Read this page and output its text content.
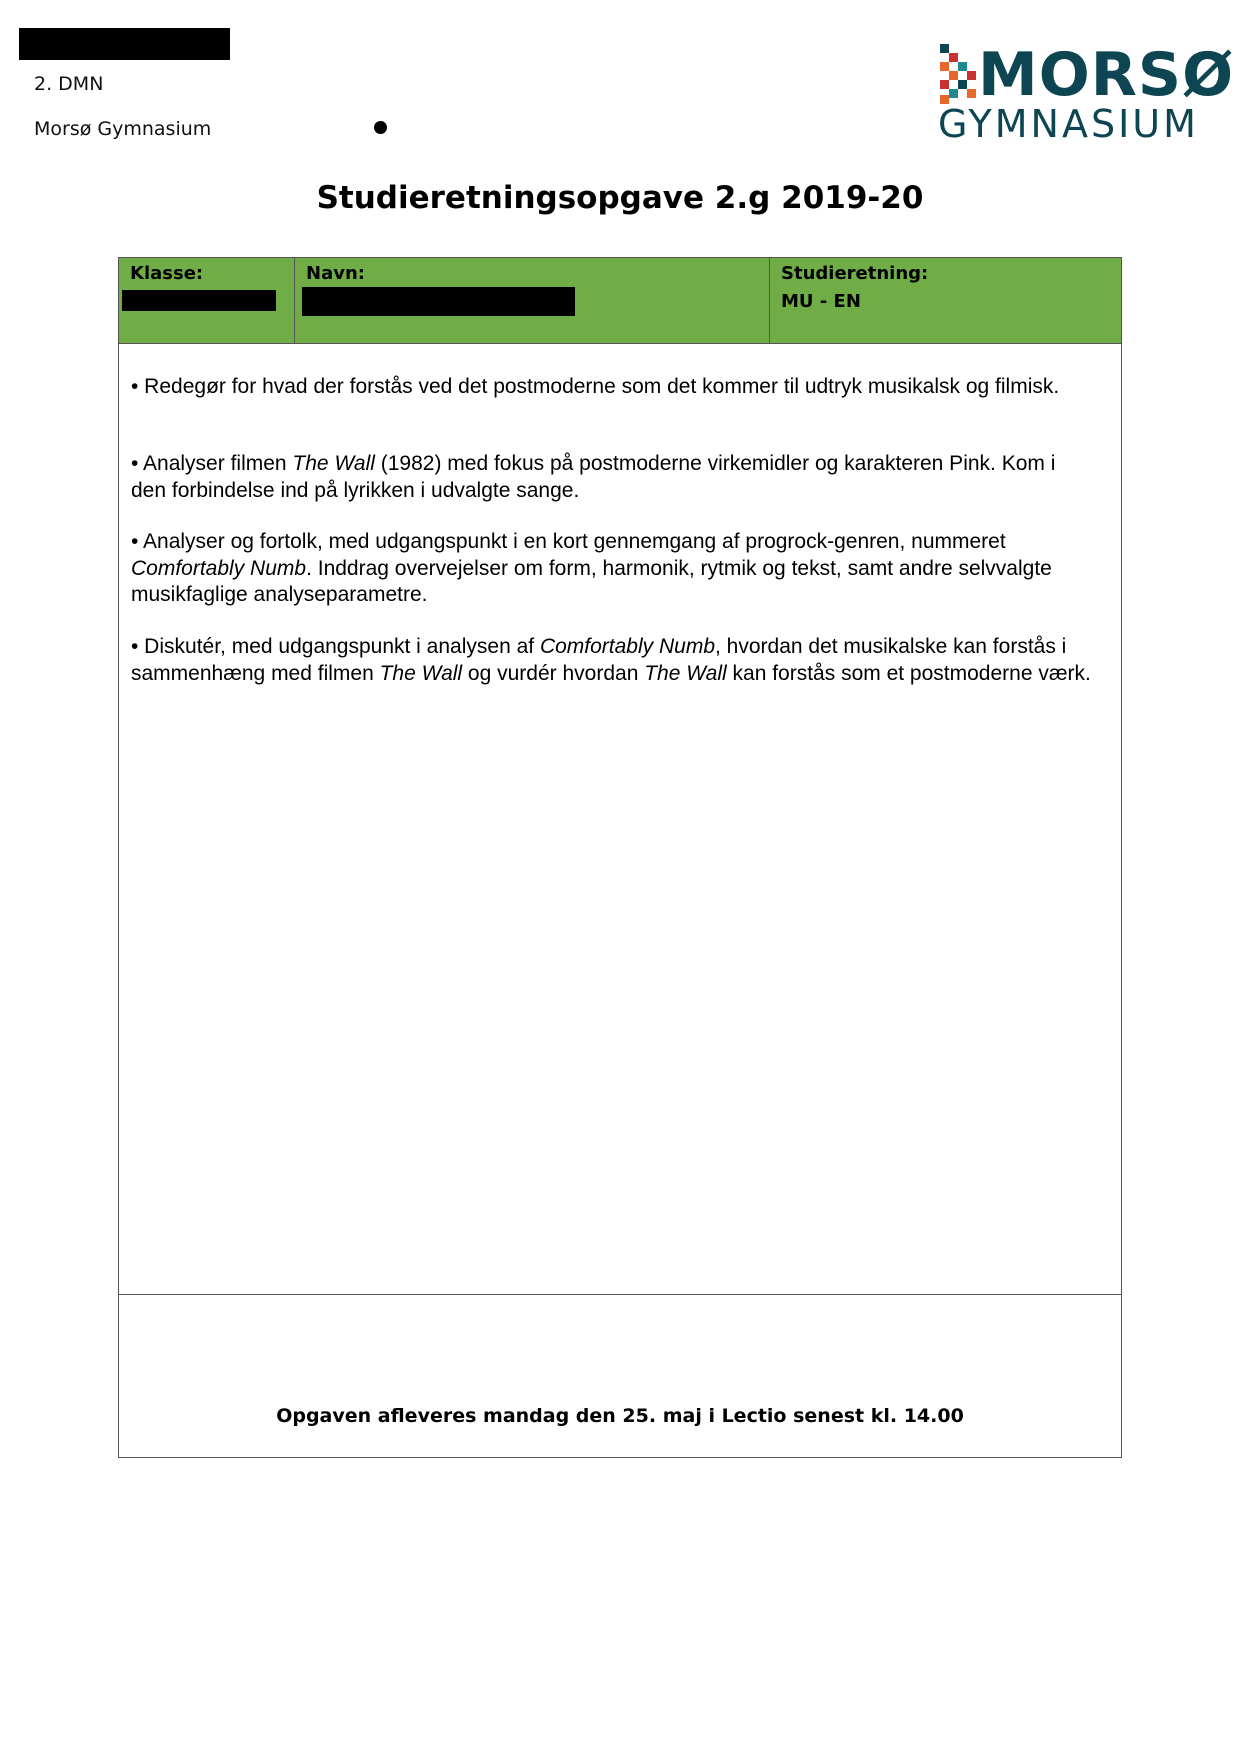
2. DMN
Morsø Gymnasium
MORSØ
GYMNASIUM
Studieretningsopgave 2.g 2019-20
Klasse:	Navn:	Studieretning:
MU - EN
• Redegør for hvad der forstås ved det postmoderne som det kommer til udtryk musikalsk og filmisk.
• Analyser filmen The Wall (1982) med fokus på postmoderne virkemidler og karakteren Pink. Kom i den forbindelse ind på lyrikken i udvalgte sange.
• Analyser og fortolk, med udgangspunkt i en kort gennemgang af progrock-genren, nummeret Comfortably Numb. Inddrag overvejelser om form, harmonik, rytmik og tekst, samt andre selvvalgte musikfaglige analyseparametre.
• Diskutér, med udgangspunkt i analysen af Comfortably Numb, hvordan det musikalske kan forstås i sammenhæng med filmen The Wall og vurdér hvordan The Wall kan forstås som et postmoderne værk.
Opgaven afleveres mandag den 25. maj i Lectio senest kl. 14.00
